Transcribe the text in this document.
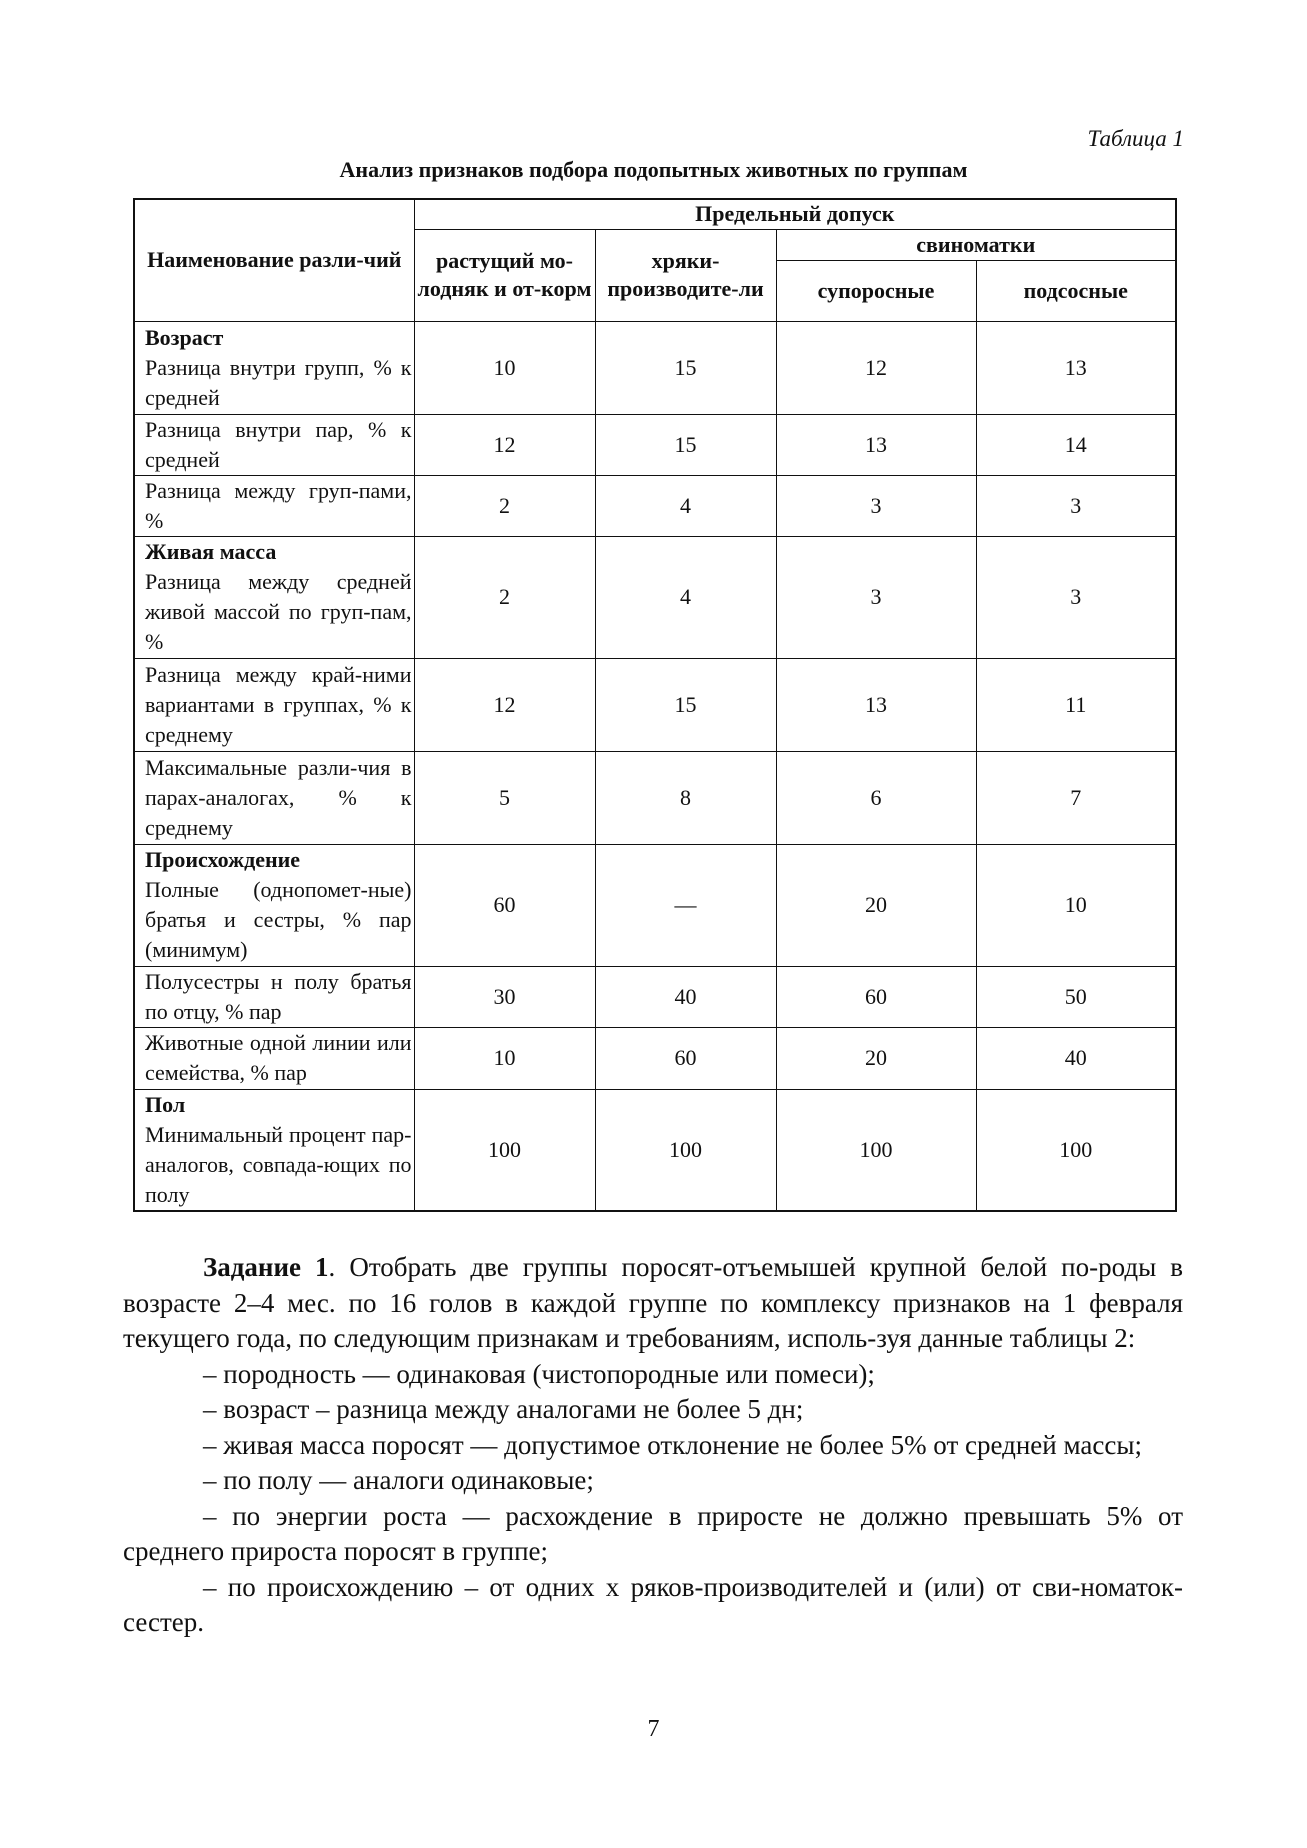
Таблица 1
Анализ признаков подбора подопытных животных по группам
Наименование разли-чий	Предельный допуск			
	растущий мо-лодняк и от-корм	хряки-производите-ли	свиноматки	
			супоросные	подсосные

Возраст
Разница внутри групп, % к средней	10	15	12	13
Разница внутри пар, % к средней	12	15	13	14
Разница между груп-пами, %	2	4	3	3

Живая масса
Разница между средней живой массой по груп-пам, %	2	4	3	3
Разница между край-ними вариантами в группах, % к среднему	12	15	13	11
Максимальные разли-чия в парах-аналогах, % к среднему	5	8	6	7

Происхождение
Полные (однопомет-ные) братья и сестры, % пар (минимум)	60	—	20	10
Полусестры н полу братья по отцу, % пар	30	40	60	50
Животные одной линии или семейства, % пар	10	60	20	40

Пол
Минимальный процент пар-аналогов, совпада-ющих по полу	100	100	100	100

Задание 1. Отобрать две группы поросят-отъемышей крупной белой по-роды в возрасте 2–4 мес. по 16 голов в каждой группе по комплексу признаков на 1 февраля текущего года, по следующим признакам и требованиям, исполь-зуя данные таблицы 2:

– породность — одинаковая (чистопородные или помеси);

– возраст – разница между аналогами не более 5 дн;

– живая масса поросят — допустимое отклонение не более 5% от средней массы;

– по полу — аналоги одинаковые;

– по энергии роста — расхождение в приросте не должно превышать 5% от среднего прироста поросят в группе;

– по происхождению – от одних х ряков-производителей и (или) от сви-номаток-сестер.

7
